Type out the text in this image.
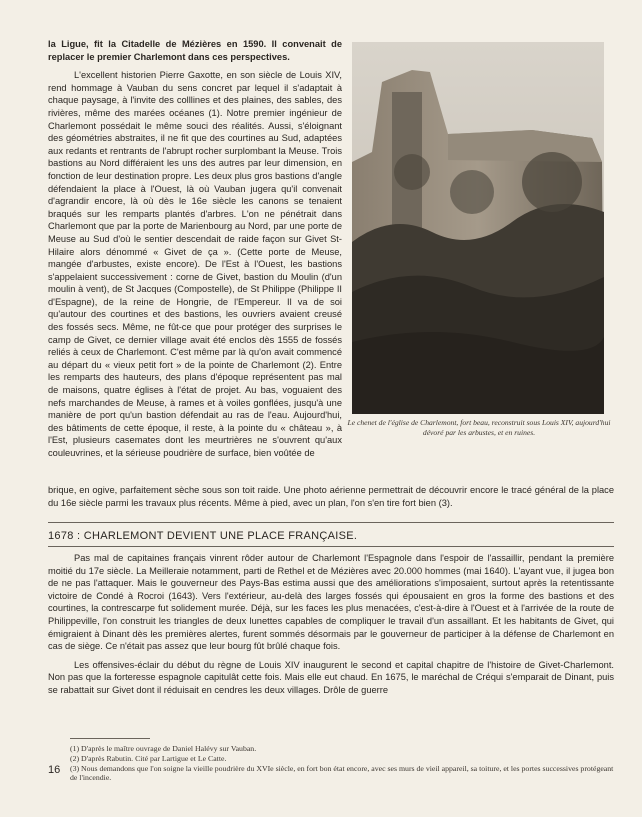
la Ligue, fit la Citadelle de Mézières en 1590. Il convenait de replacer le premier Charlemont dans ces perspectives.

L'excellent historien Pierre Gaxotte, en son siècle de Louis XIV, rend hommage à Vauban du sens concret par lequel il s'adaptait à chaque paysage, à l'invite des colllines et des plaines, des sables, des rivières, même des marées océanes (1). Notre premier ingénieur de Charlemont possédait le même souci des réalités. Aussi, s'éloignant des géométries abstraites, il ne fit que des courtines au Sud, adaptées aux redants et rentrants de l'abrupt rocher surplombant la Meuse. Trois bastions au Nord différaient les uns des autres par leur dimension, en fonction de leur destination propre. Les deux plus gros bastions d'angle défendaient la place à l'Ouest, là où Vauban jugera qu'il convenait d'agrandir encore, là où dès le 16e siècle les canons se tenaient braqués sur les remparts plantés d'arbres. L'on ne pénétrait dans Charlemont que par la porte de Marienbourg au Nord, par une porte de Meuse au Sud d'où le sentier descendait de raide façon sur Givet St-Hilaire alors dénommé « Givet de ça ». (Cette porte de Meuse, mangée d'arbustes, existe encore). De l'Est à l'Ouest, les bastions s'appelaient successivement : corne de Givet, bastion du Moulin (d'un moulin à vent), de St Jacques (Compostelle), de St Philippe (Philippe II d'Espagne), de la reine de Hongrie, de l'Empereur. Il va de soi qu'autour des courtines et des bastions, les ouvriers avaient creusé des fossés secs. Même, ne fût-ce que pour protéger des surprises le camp de Givet, ce dernier village avait été enclos dès 1555 de fossés reliés à ceux de Charlemont. C'est même par là qu'on avait commencé au départ du « vieux petit fort » de la pointe de Charlemont (2). Entre les remparts des hauteurs, des plans d'époque représentent pas mal de maisons, quatre églises à l'état de projet. Au bas, voguaient des nefs marchandes de Meuse, à rames et à voiles gonflées, jusqu'à une manière de port qu'un bastion défendait au ras de l'eau. Aujourd'hui, des bâtiments de cette époque, il reste, à la pointe du « château », à l'Est, plusieurs casemates dont les meurtrières ne s'ouvrent qu'aux couleuvrines, et la sérieuse poudrière de surface, bien voûtée de

Le chenet de l'église de Charlemont, fort beau, reconstruit sous Louis XIV, aujourd'hui dévoré par les arbustes, et en ruines.

brique, en ogive, parfaitement sèche sous son toit raide. Une photo aérienne permettrait de découvrir encore le tracé général de la place du 16e siècle parmi les travaux plus récents. Même à pied, avec un plan, l'on s'en tire fort bien (3).

1678 : CHARLEMONT DEVIENT UNE PLACE FRANÇAISE.

Pas mal de capitaines français vinrent rôder autour de Charlemont l'Espagnole dans l'espoir de l'assaillir, pendant la première moitié du 17e siècle. La Meilleraie notamment, parti de Rethel et de Mézières avec 20.000 hommes (mai 1640). L'ayant vue, il jugea bon de ne pas l'attaquer. Mais le gouverneur des Pays-Bas estima aussi que des améliorations s'imposaient, surtout après la retentissante victoire de Condé à Rocroi (1643). Vers l'extérieur, au-delà des larges fossés qui épousaient en gros la forme des bastions et des courtines, la contrescarpe fut solidement murée. Déjà, sur les faces les plus menacées, c'est-à-dire à l'Ouest et à l'arrivée de la route de Philippeville, l'on construit les triangles de deux lunettes capables de compliquer le travail d'un assaillant. Et les habitants de Givet, qui émigraient à Dinant dès les premières alertes, furent sommés désormais par le gouverneur de participer à la défense de Charlemont en cas de siège. Ce n'était pas assez que leur bourg fût brûlé chaque fois.

Les offensives-éclair du début du règne de Louis XIV inaugurent le second et capital chapitre de l'histoire de Givet-Charlemont. Non pas que la forteresse espagnole capitulât cette fois. Mais elle eut chaud. En 1675, le maréchal de Créqui s'emparait de Dinant, puis se rabattait sur Givet dont il réduisait en cendres les deux villages. Drôle de guerre

(1) D'après le maître ouvrage de Daniel Halévy sur Vauban.
(2) D'après Rabutin. Cité par Lartigue et Le Catte.
(3) Nous demandons que l'on soigne la vieille poudrière du XVIe siècle, en fort bon état encore, avec ses murs de vieil appareil, sa toiture, et les portes successives protégeant de l'incendie.
16
